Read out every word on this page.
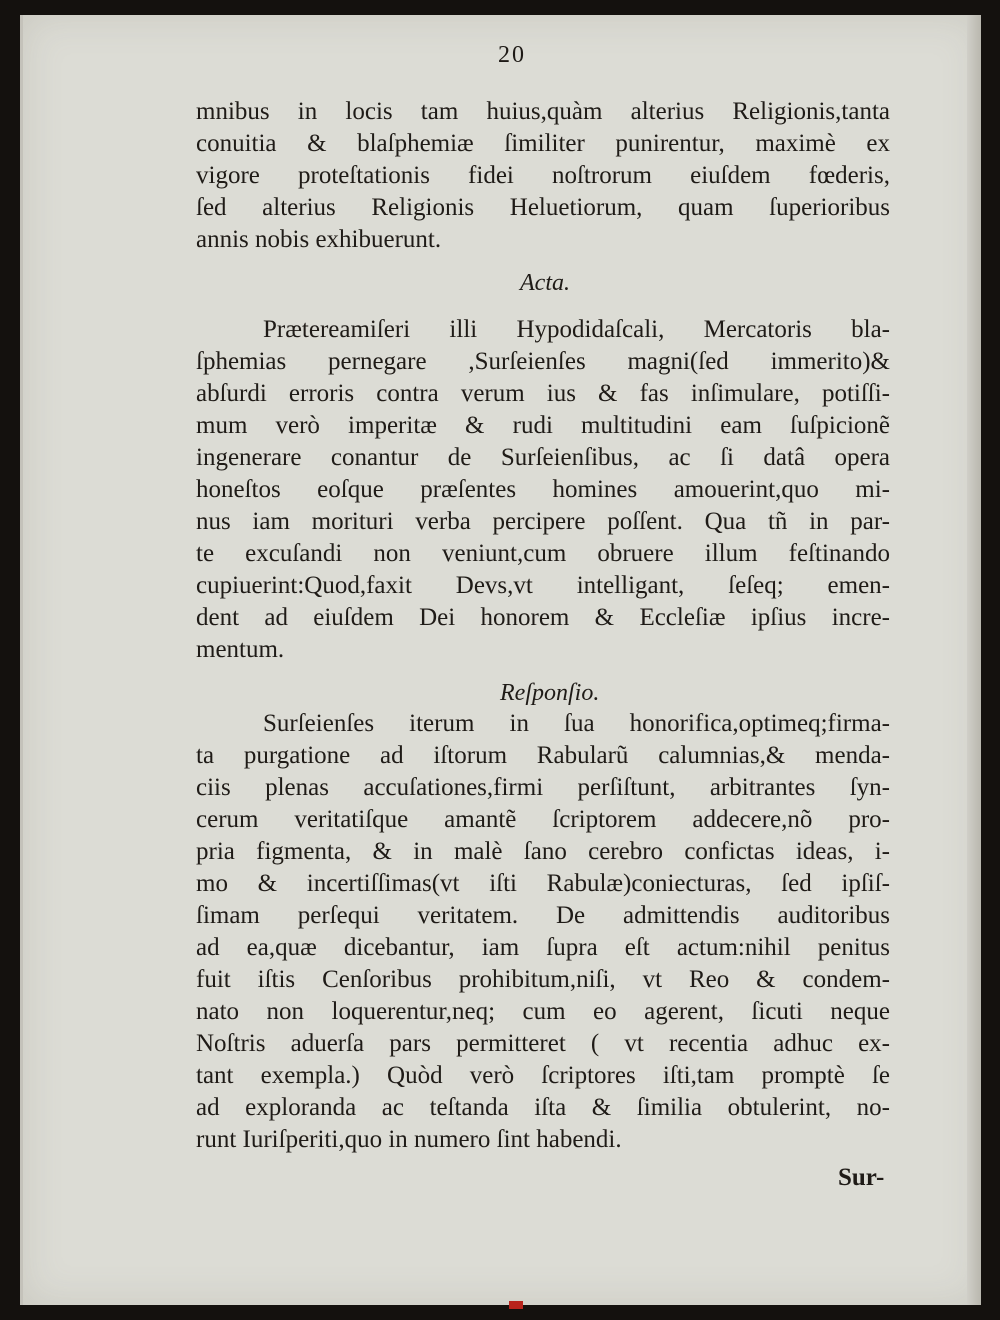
20
mnibus in locis tam huius,quàm alterius Religionis,tanta
conuitia & blaſphemiæ ſimiliter punirentur, maximè ex
vigore proteſtationis fidei noſtrorum eiuſdem fœderis,
ſed alterius Religionis Heluetiorum, quam ſuperioribus
annis nobis exhibuerunt.
Acta.
Prætereamiſeri illi Hypodidaſcali, Mercatoris bla-
ſphemias pernegare ,Surſeienſes magni(ſed immerito)&
abſurdi erroris contra verum ius & fas inſimulare, potiſſi-
mum verò imperitæ & rudi multitudini eam ſuſpicionẽ
ingenerare conantur de Surſeienſibus, ac ſi datâ opera
honeſtos eoſque præſentes homines amouerint,quo mi-
nus iam morituri verba percipere poſſent. Qua tñ in par-
te excuſandi non veniunt,cum obruere illum feſtinando
cupiuerint:Quod,faxit Devs,vt intelligant, ſeſeq; emen-
dent ad eiuſdem Dei honorem & Eccleſiæ ipſius incre-
mentum.
Reſponſio.
Surſeienſes iterum in ſua honorifica,optimeq;firma-
ta purgatione ad iſtorum Rabularũ calumnias,& menda-
ciis plenas accuſationes,firmi perſiſtunt, arbitrantes ſyn-
cerum veritatiſque amantẽ ſcriptorem addecere,nõ pro-
pria figmenta, & in malè ſano cerebro confictas ideas, i-
mo & incertiſſimas(vt iſti Rabulæ)coniecturas, ſed ipſiſ-
ſimam perſequi veritatem. De admittendis auditoribus
ad ea,quæ dicebantur, iam ſupra eſt actum:nihil penitus
fuit iſtis Cenſoribus prohibitum,niſi, vt Reo & condem-
nato non loquerentur,neq; cum eo agerent, ſicuti neque
Noſtris aduerſa pars permitteret ( vt recentia adhuc ex-
tant exempla.) Quòd verò ſcriptores iſti,tam promptè ſe
ad exploranda ac teſtanda iſta & ſimilia obtulerint, no-
runt Iuriſperiti,quo in numero ſint habendi.
Sur-
